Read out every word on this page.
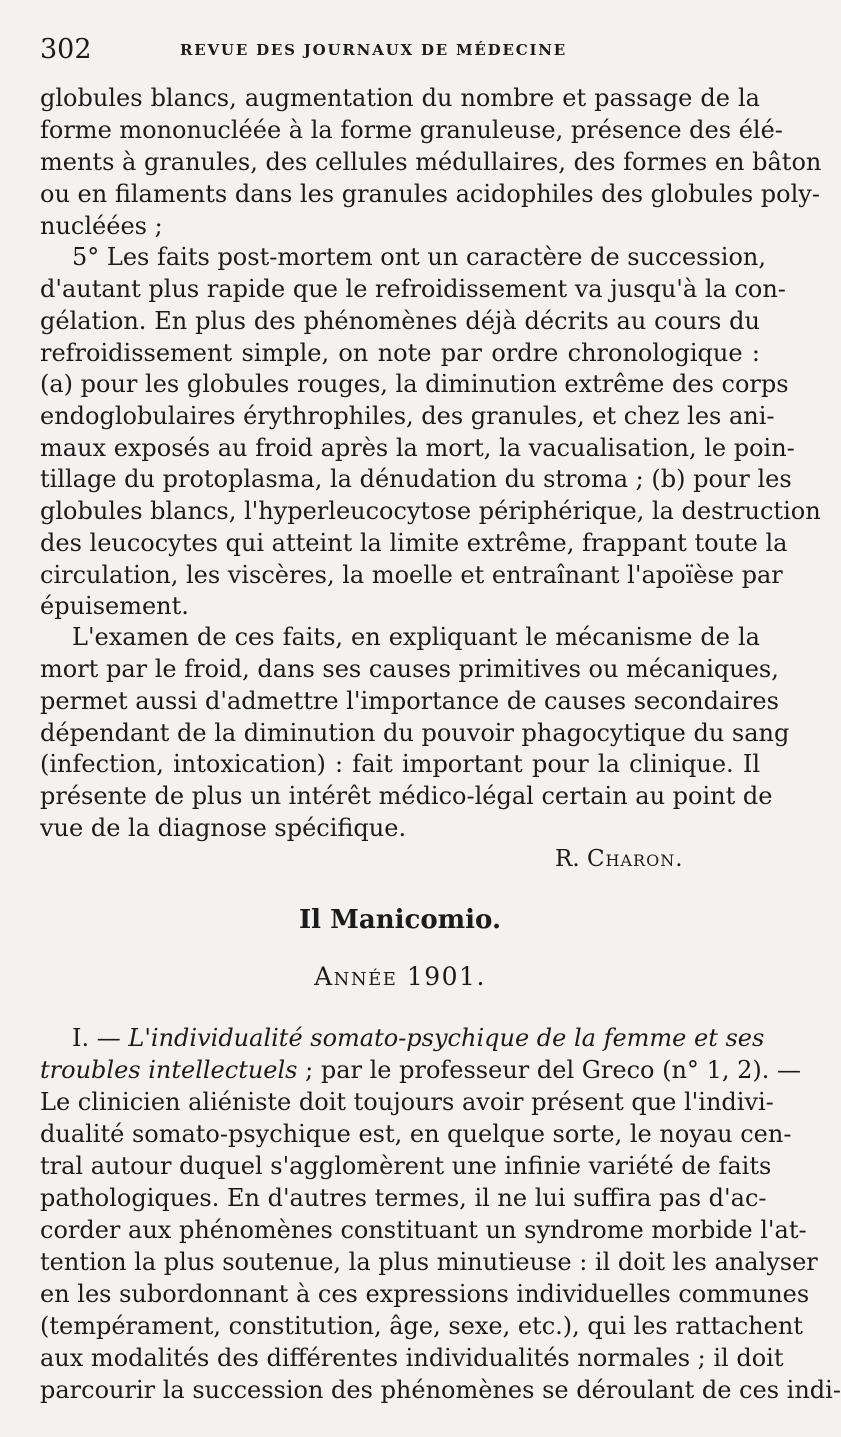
302	REVUE DES JOURNAUX DE MÉDECINE
globules blancs, augmentation du nombre et passage de la
forme mononucléée à la forme granuleuse, présence des élé-
ments à granules, des cellules médullaires, des formes en bâton
ou en filaments dans les granules acidophiles des globules poly-
nucléées ;
5° Les faits post-mortem ont un caractère de succession,
d'autant plus rapide que le refroidissement va jusqu'à la con-
gélation. En plus des phénomènes déjà décrits au cours du
refroidissement simple, on note par ordre chronologique :
(a) pour les globules rouges, la diminution extrême des corps
endoglobulaires érythrophiles, des granules, et chez les ani-
maux exposés au froid après la mort, la vacualisation, le poin-
tillage du protoplasma, la dénudation du stroma ; (b) pour les
globules blancs, l'hyperleucocytose périphérique, la destruction
des leucocytes qui atteint la limite extrême, frappant toute la
circulation, les viscères, la moelle et entraînant l'apoïèse par
épuisement.
L'examen de ces faits, en expliquant le mécanisme de la
mort par le froid, dans ses causes primitives ou mécaniques,
permet aussi d'admettre l'importance de causes secondaires
dépendant de la diminution du pouvoir phagocytique du sang
(infection, intoxication) : fait important pour la clinique. Il
présente de plus un intérêt médico-légal certain au point de
vue de la diagnose spécifique.
R. Charon.
Il Manicomio.
Année 1901.
I. — L'individualité somato-psychique de la femme et ses
troubles intellectuels ; par le professeur del Greco (n° 1, 2). —
Le clinicien aliéniste doit toujours avoir présent que l'indivi-
dualité somato-psychique est, en quelque sorte, le noyau cen-
tral autour duquel s'agglomèrent une infinie variété de faits
pathologiques. En d'autres termes, il ne lui suffira pas d'ac-
corder aux phénomènes constituant un syndrome morbide l'at-
tention la plus soutenue, la plus minutieuse : il doit les analyser
en les subordonnant à ces expressions individuelles communes
(tempérament, constitution, âge, sexe, etc.), qui les rattachent
aux modalités des différentes individualités normales ; il doit
parcourir la succession des phénomènes se déroulant de ces indi-
